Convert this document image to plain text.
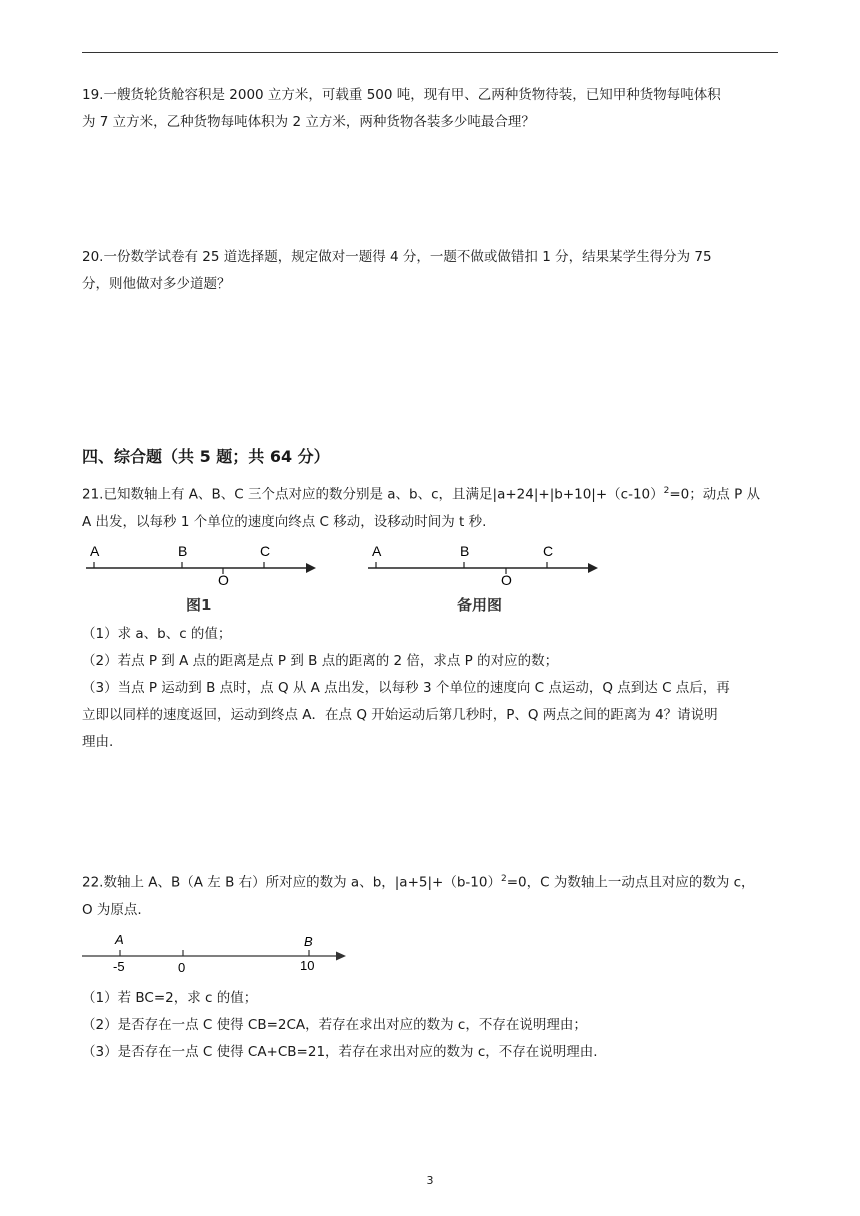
19.一艘货轮货舱容积是 2000 立方米，可载重 500 吨，现有甲、乙两种货物待装，已知甲种货物每吨体积
为 7 立方米，乙种货物每吨体积为 2 立方米，两种货物各装多少吨最合理？

20.一份数学试卷有 25 道选择题，规定做对一题得 4 分，一题不做或做错扣 1 分，结果某学生得分为 75
分，则他做对多少道题？

四、综合题（共 5 题；共 64 分）

21.已知数轴上有 A、B、C 三个点对应的数分别是 a、b、c，且满足$|a+24|+|b+10|+(c-10)^2=0$；动点 P 从
A 出发，以每秒 1 个单位的速度向终点 C 移动，设移动时间为 t 秒.

A	B	C
O
图1
A	B	C
O
备用图

（1）求 a、b、c 的值；

（2）若点 P 到 A 点的距离是点 P 到 B 点的距离的 2 倍，求点 P 的对应的数；

（3）当点 P 运动到 B 点时，点 Q 从 A 点出发，以每秒 3 个单位的速度向 C 点运动，Q 点到达 C 点后，再
立即以同样的速度返回，运动到终点 A．在点 Q 开始运动后第几秒时，P、Q 两点之间的距离为 4？请说明
理由.

22.数轴上 A、B（A 左 B 右）所对应的数为 a、b，$|a+5|+(b-10)^2=0$，C 为数轴上一动点且对应的数为 c，
O 为原点.

A	B
-5	0	10

（1）若 BC=2，求 c 的值；

（2）是否存在一点 C 使得 CB=2CA，若存在求出对应的数为 c，不存在说明理由；

（3）是否存在一点 C 使得 CA+CB=21，若存在求出对应的数为 c，不存在说明理由.

3
